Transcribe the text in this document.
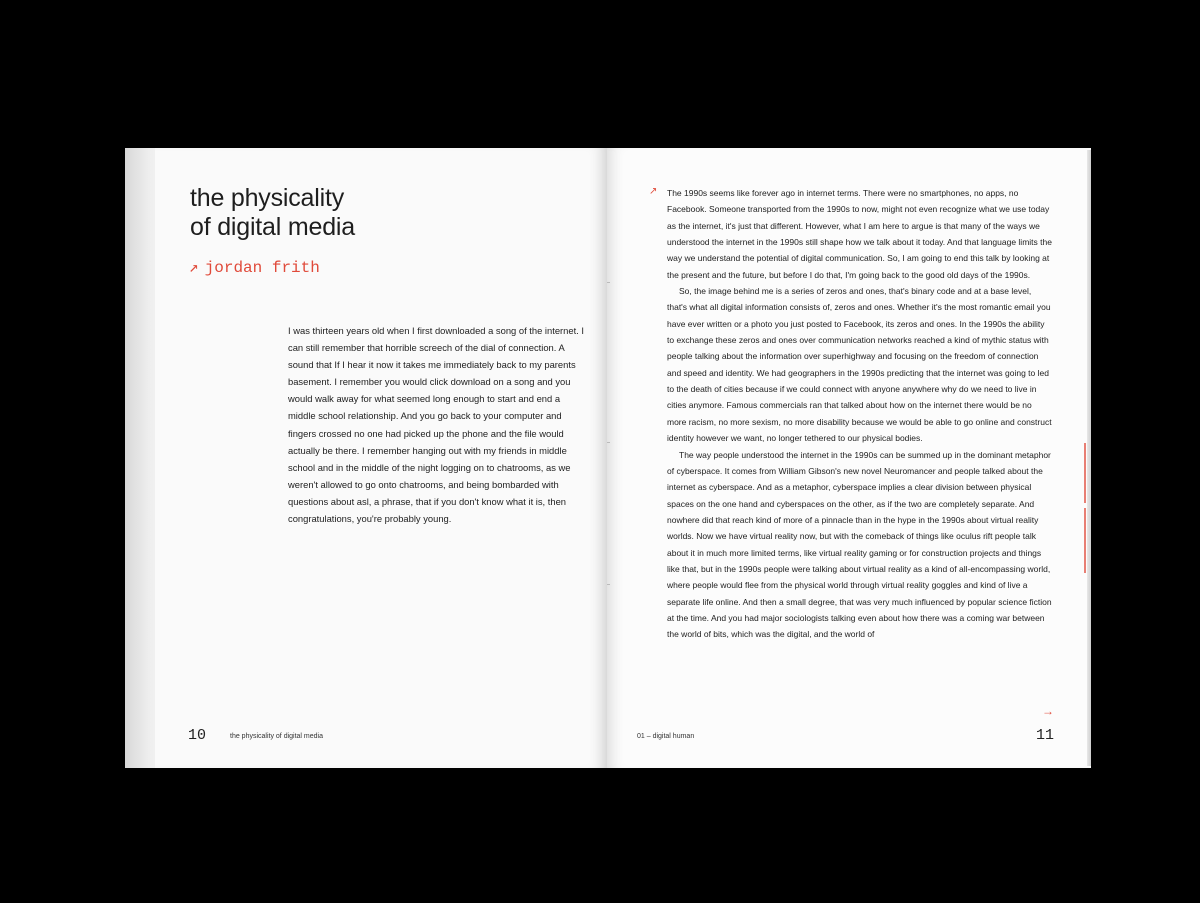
the physicality
of digital media
↗ jordan frith

I was thirteen years old when I first downloaded a song of the internet. I can still remember that horrible screech of the dial of connection. A sound that If I hear it now it takes me immediately back to my parents basement. I remember you would click download on a song and you would walk away for what seemed long enough to start and end a middle school relationship. And you go back to your computer and fingers crossed no one had picked up the phone and the file would actually be there. I remember hanging out with my friends in middle school and in the middle of the night logging on to chatrooms, as we weren't allowed to go onto chatrooms, and being bombarded with questions about asl, a phrase, that if you don't know what it is, then congratulations, you're probably young.

10	the physicality of digital media
↗ The 1990s seems like forever ago in internet terms. There were no smartphones, no apps, no Facebook. Someone transported from the 1990s to now, might not even recognize what we use today as the internet, it's just that different. However, what I am here to argue is that many of the ways we understood the internet in the 1990s still shape how we talk about it today. And that language limits the way we understand the potential of digital communication. So, I am going to end this talk by looking at the present and the future, but before I do that, I'm going back to the good old days of the 1990s.

So, the image behind me is a series of zeros and ones, that's binary code and at a base level, that's what all digital information consists of, zeros and ones. Whether it's the most romantic email you have ever written or a photo you just posted to Facebook, its zeros and ones. In the 1990s the ability to exchange these zeros and ones over communication networks reached a kind of mythic status with people talking about the information over superhighway and focusing on the freedom of connection and speed and identity. We had geographers in the 1990s predicting that the internet was going to led to the death of cities because if we could connect with anyone anywhere why do we need to live in cities anymore. Famous commercials ran that talked about how on the internet there would be no more racism, no more sexism, no more disability because we would be able to go online and construct identity however we want, no longer tethered to our physical bodies.

The way people understood the internet in the 1990s can be summed up in the dominant metaphor of cyberspace. It comes from William Gibson's new novel Neuromancer and people talked about the internet as cyberspace. And as a metaphor, cyberspace implies a clear division between physical spaces on the one hand and cyberspaces on the other, as if the two are completely separate. And nowhere did that reach kind of more of a pinnacle than in the hype in the 1990s about virtual reality worlds. Now we have virtual reality now, but with the comeback of things like oculus rift people talk about it in much more limited terms, like virtual reality gaming or for construction projects and things like that, but in the 1990s people were talking about virtual reality as a kind of all-encompassing world, where people would flee from the physical world through virtual reality goggles and kind of live a separate life online. And then a small degree, that was very much influenced by popular science fiction at the time. And you had major sociologists talking even about how there was a coming war between the world of bits, which was the digital, and the world of

→
01 – digital human	11
